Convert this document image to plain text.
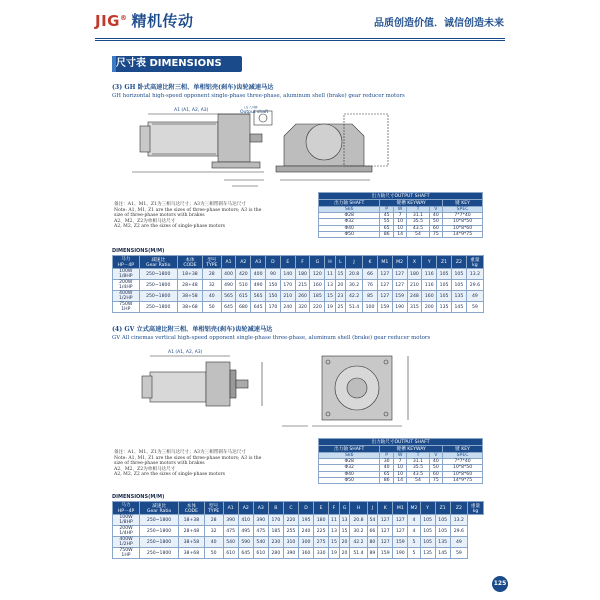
JIG® 精机传动	品质创造价值．诚信创造未来
尺寸表 DIMENSIONS
(3) GH 卧式高速比附三相、单相铝壳(刹车)齿轮减速马达
GH horizontal high-speed opponent single-phase three-phase, aluminum shell (brake) gear reducer motors
A1 (A1, A2, A3)
出力轴
Output shaft
备注：A1、M1、Z1为三相马达尺寸；A3为三相带刹车马达尺寸
Note: A1, M1, Z1 are the sizes of three-phase motors; A3 is the
size of three-phase motors with brakes
A2、M2、Z2为单相马达尺寸
A2, M2, Z2 are the sizes of single-phase motors
出力轴尺寸OUTPUT SHAFT					
出力轴 SHAFT	键槽 KEYWAY				键 KEY
Sk6	P	W	T	V	SPEC
Φ28	45	7	31.1	40	7*7*40
Φ32	55	10	35.5	50	10*8*50
Φ40	65	10	43.5	60	10*8*60
Φ50	86	14	54	75	14*9*75
DIMENSIONS(M/M)
马力
HP－4P	减速比
Gear Ratio	本体
CODE	型号
TYPE	A1	A2	A3	D	E	F	G	H	L	J	K	M1	M2	X	Y	Z1	Z2	重量
kg
100W
1/8HP	250~1800	18+38	28	400	420	400	90	140	180	120	11	15	20.8	66	127	127	180	116	105	105	13.2
200W
1/4HP	250~1800	28+48	32	490	510	490	150	170	215	160	13	20	30.2	76	127	127	210	116	105	105	29.6
400W
1/2HP	250~1800	38+58	40	565	615	565	150	210	260	185	15	23	42.2	85	127	159	248	160	105	135	49
750W
1HP	250~1800	38+68	50	645	680	645	170	240	320	220	19	25	51.4	100	159	190	315	200	135	145	59
(4) GV 立式高速比附三相、单相铝壳(刹车)齿轮减速马达
GV All cinemas vertical high-speed opponent single-phase three-phase, aluminum shell (brake) gear reducer motors
A1 (A1, A2, A3)
备注：A1、M1、Z1为三相马达尺寸；A3为三相带刹车马达尺寸
Note: A1, M1, Z1 are the sizes of three-phase motors; A3 is the
size of three-phase motors with brakes
A2、M2、Z2为单相马达尺寸
A2, M2, Z2 are the sizes of single-phase motors
出力轴尺寸OUTPUT SHAFT					
出力轴 SHAFT	键槽 KEYWAY				键 KEY
Sk6	P	W	T	V	SPEC
Φ28	30	7	31.1	40	7*7*40
Φ32	40	10	35.5	50	10*8*50
Φ40	65	10	43.5	60	10*8*60
Φ50	86	14	54	75	14*9*75
DIMENSIONS(M/M)
马力
HP－4P	减速比
Gear Ratio	本体
CODE	型号
TYPE	A1	A2	A3	B	C	D	E	F	G	H	J	K	M1	M2	Y	Z1	Z2	重量
kg
100W
1/8HP	250~1800	18+38	28	390	410	390	170	220	195	180	11	13	20.8	54	127	127	4	105	105	13.2	
200W
1/4HP	250~1800	28+48	32	475	495	475	185	255	240	225	13	15	30.2	66	127	127	4	105	105	29.6	
400W
1/2HP	250~1800	38+58	40	540	590	540	230	310	300	275	15	20	42.2	80	127	159	5	105	135	49	
750W
1HP	250~1800	38+68	50	610	645	610	280	390	360	330	19	20	51.4	89	159	190	5	135	145	59	
125
